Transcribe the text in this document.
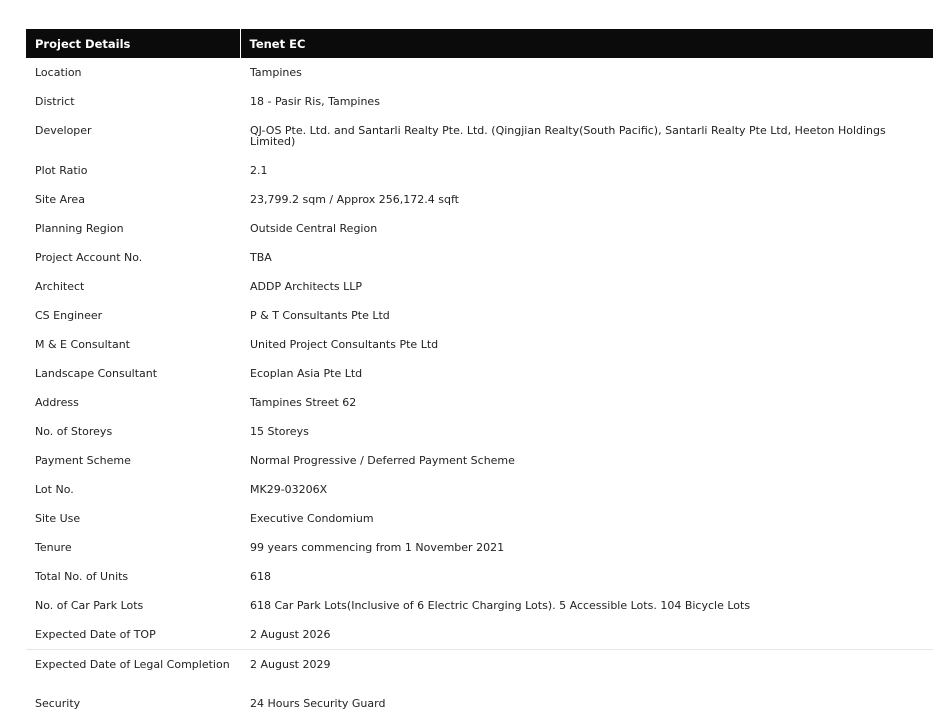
Project Details	Tenet EC
Location	Tampines
District	18 - Pasir Ris, Tampines
Developer	QJ-OS Pte. Ltd. and Santarli Realty Pte. Ltd. (Qingjian Realty(South Pacific), Santarli Realty Pte Ltd, Heeton Holdings Limited)
Plot Ratio	2.1
Site Area	23,799.2 sqm / Approx 256,172.4 sqft
Planning Region	Outside Central Region
Project Account No.	TBA
Architect	ADDP Architects LLP
CS Engineer	P & T Consultants Pte Ltd
M & E Consultant	United Project Consultants Pte Ltd
Landscape Consultant	Ecoplan Asia Pte Ltd
Address	Tampines Street 62
No. of Storeys	15 Storeys
Payment Scheme	Normal Progressive / Deferred Payment Scheme
Lot No.	MK29-03206X
Site Use	Executive Condomium
Tenure	99 years commencing from 1 November 2021
Total No. of Units	618
No. of Car Park Lots	618 Car Park Lots(Inclusive of 6 Electric Charging Lots). 5 Accessible Lots. 104 Bicycle Lots
Expected Date of TOP	2 August 2026
Expected Date of Legal Completion	2 August 2029
Security	24 Hours Security Guard
